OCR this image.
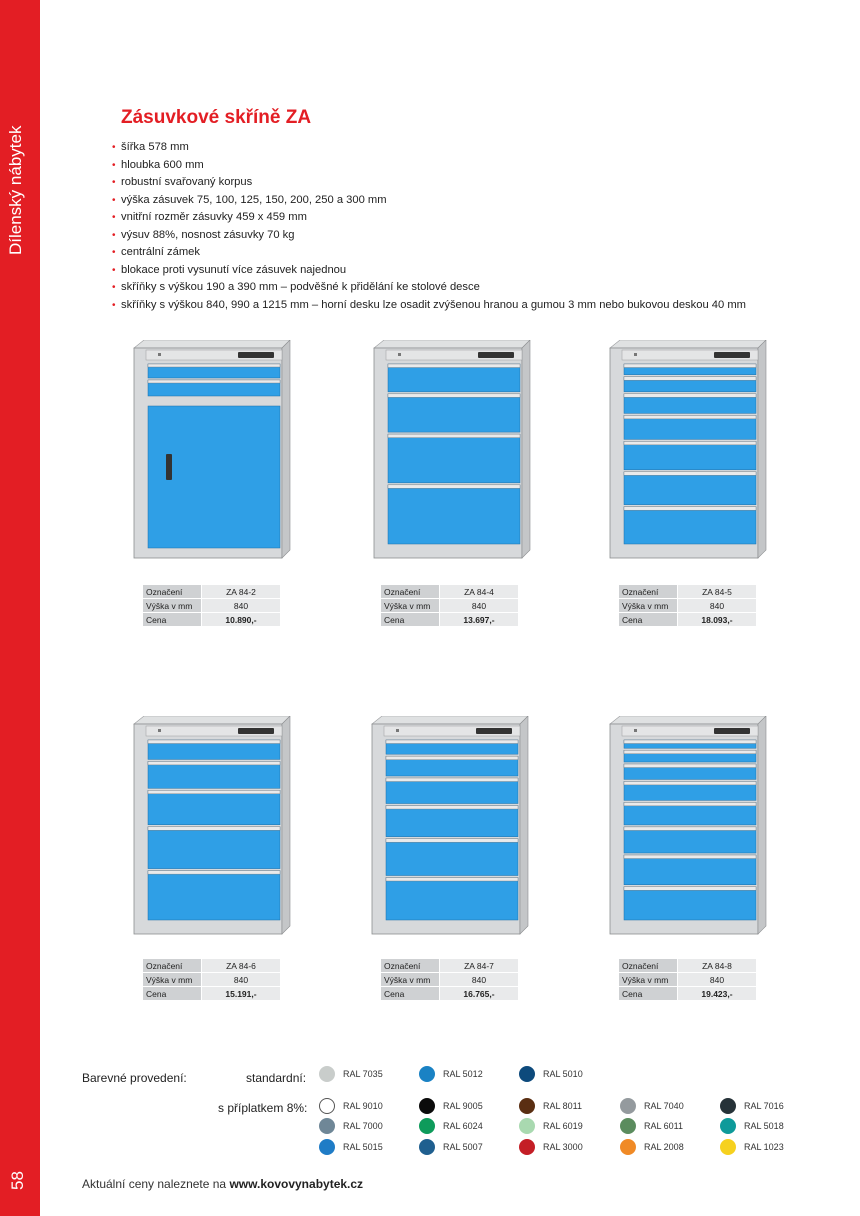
Dílenský nábytek
58
Zásuvkové skříně ZA
• šířka 578 mm
• hloubka 600 mm
• robustní svařovaný korpus
• výška zásuvek 75, 100, 125, 150, 200, 250 a 300 mm
• vnitřní rozměr zásuvky 459 x 459 mm
• výsuv 88%, nosnost zásuvky 70 kg
• centrální zámek
• blokace proti vysunutí více zásuvek najednou
• skříňky s výškou 190 a 390 mm – podvěšné k přidělání ke stolové desce
• skříňky s výškou 840, 990 a 1215 mm – horní desku lze osadit zvýšenou hranou a gumou 3 mm nebo bukovou deskou 40 mm
Označení	ZA 84-2
Výška v mm	840
Cena	10.890,-
Označení	ZA 84-4
Výška v mm	840
Cena	13.697,-
Označení	ZA 84-5
Výška v mm	840
Cena	18.093,-
Označení	ZA 84-6
Výška v mm	840
Cena	15.191,-
Označení	ZA 84-7
Výška v mm	840
Cena	16.765,-
Označení	ZA 84-8
Výška v mm	840
Cena	19.423,-
Barevné provedení:	standardní:
s příplatkem 8%:
RAL 7035	RAL 5012	RAL 5010
RAL 9010	RAL 9005	RAL 8011	RAL 7040	RAL 7016
RAL 7000	RAL 6024	RAL 6019	RAL 6011	RAL 5018
RAL 5015	RAL 5007	RAL 3000	RAL 2008	RAL 1023
Aktuální ceny naleznete na www.kovovynabytek.cz
